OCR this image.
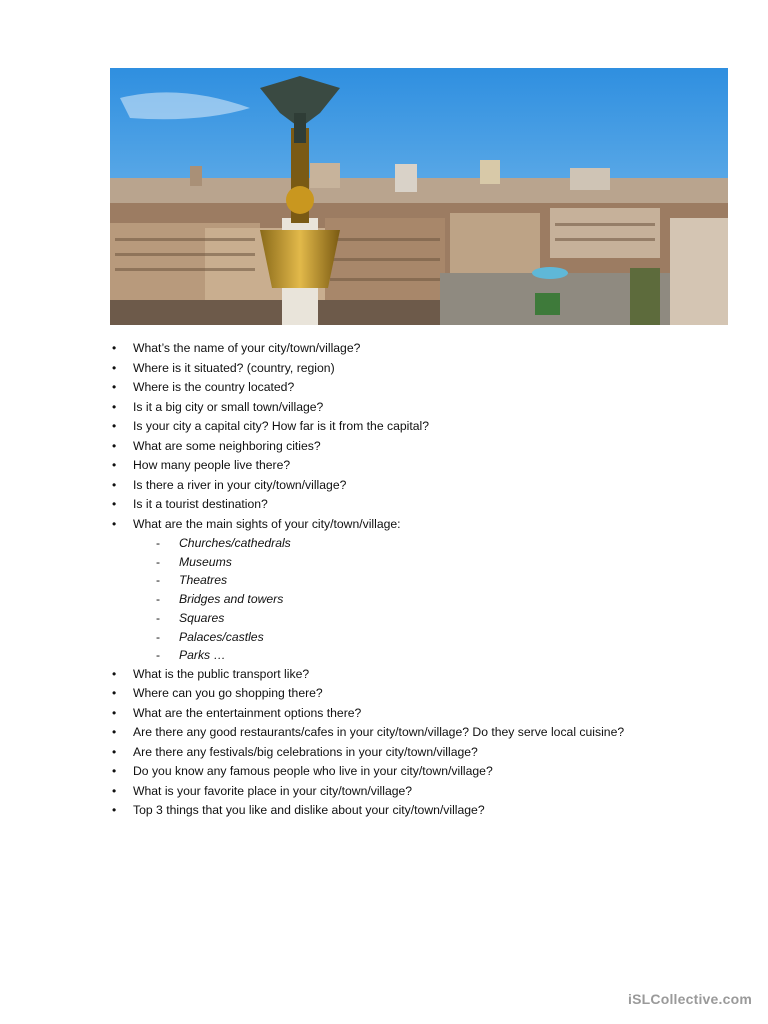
• What’s the name of your city/town/village?
• Where is it situated? (country, region)
• Where is the country located?
• Is it a big city or small town/village?
• Is your city a capital city? How far is it from the capital?
• What are some neighboring cities?
• How many people live there?
• Is there a river in your city/town/village?
• Is it a tourist destination?
• What are the main sights of your city/town/village:
- Churches/cathedrals
- Museums
- Theatres
- Bridges and towers
- Squares
- Palaces/castles
- Parks …
• What is the public transport like?
• Where can you go shopping there?
• What are the entertainment options there?
• Are there any good restaurants/cafes in your city/town/village? Do they serve local cuisine?
• Are there any festivals/big celebrations in your city/town/village?
• Do you know any famous people who live in your city/town/village?
• What is your favorite place in your city/town/village?
• Top 3 things that you like and dislike about your city/town/village?
iSLCollective.com
